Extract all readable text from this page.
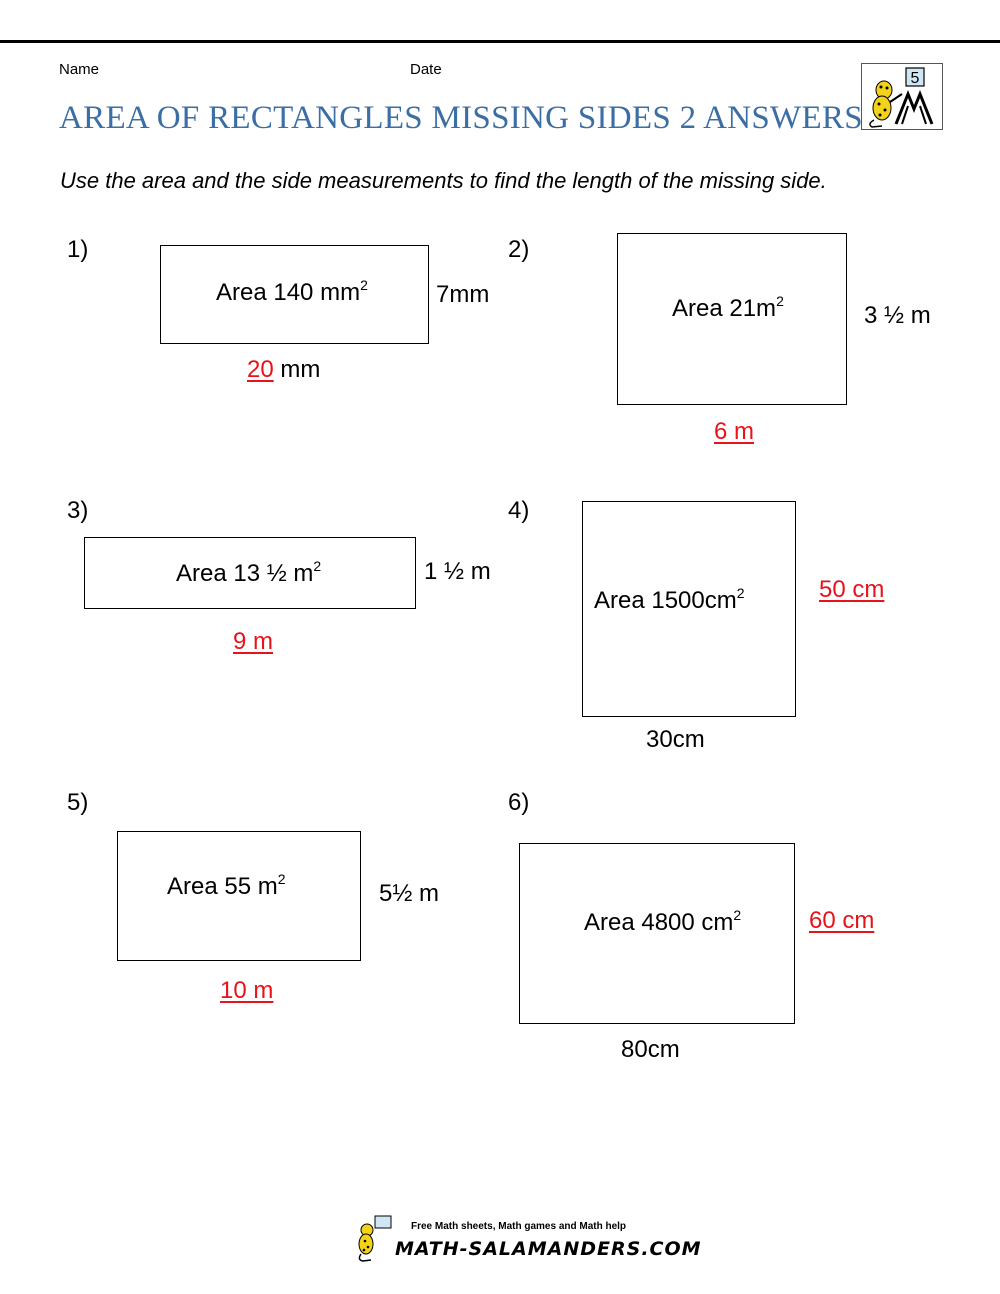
Name	Date
5
AREA OF RECTANGLES MISSING SIDES 2 ANSWERS

Use the area and the side measurements to find the length of the missing side.

1)
Area 140 $mm^2$	7mm
20 mm
2)
Area $21m^2$
3 ½ m
6 m
3)
Area 13 ½ $m^2$	1 ½ m
9 m
4)
Area $1500cm^2$
30cm
50 cm
5)
Area 55 $m^2$
5½ m
10 m
6)
Area 4800 $cm^2$
80cm
60 cm
Free Math sheets, Math games and Math help
MATH-SALAMANDERS.COM
